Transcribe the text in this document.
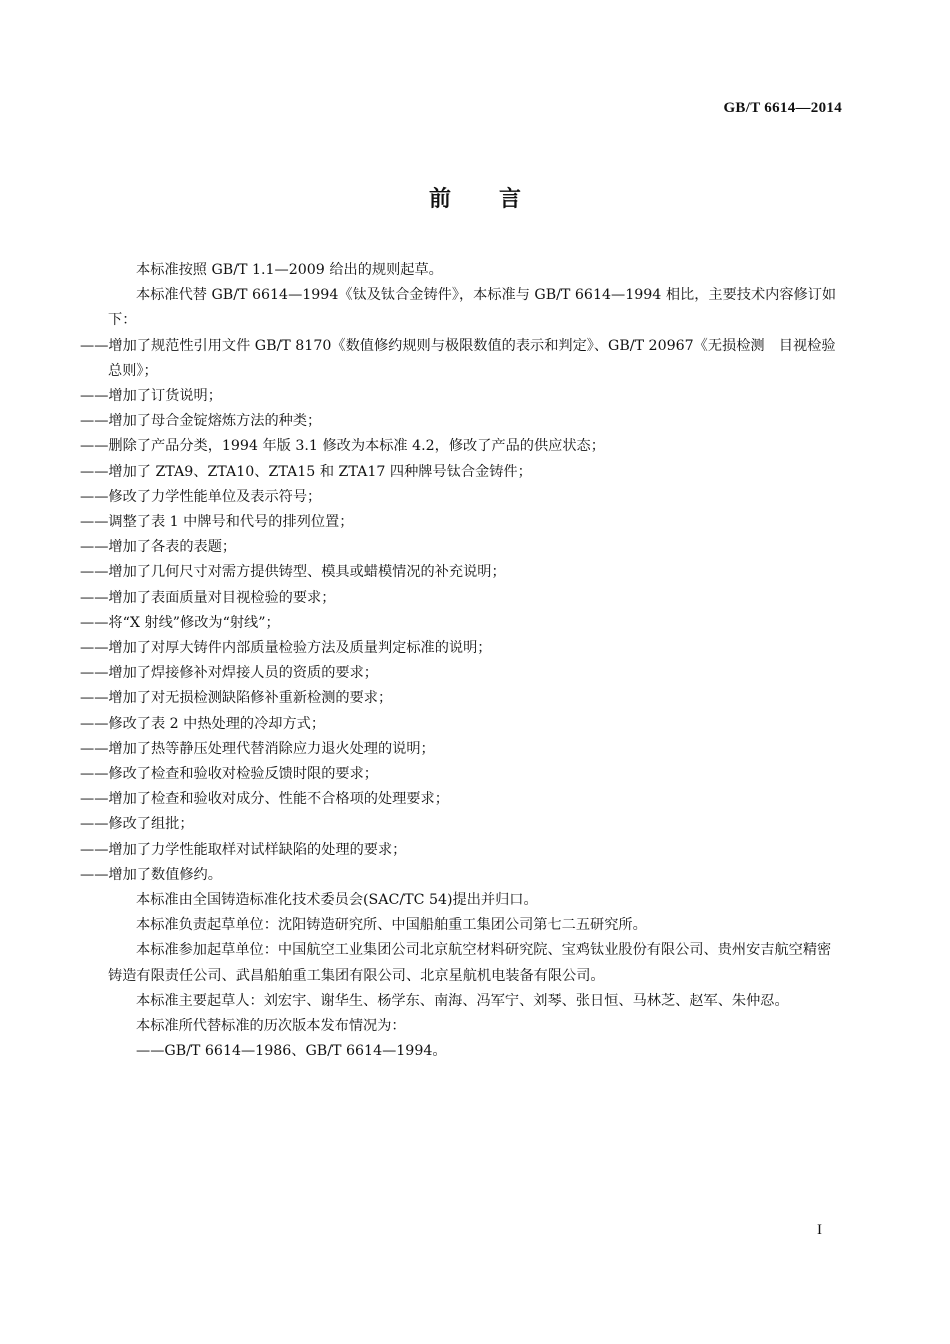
GB/T 6614—2014
前言

本标准按照 GB/T 1.1—2009 给出的规则起草。

本标准代替 GB/T 6614—1994《钛及钛合金铸件》，本标准与 GB/T 6614—1994 相比，主要技术内容修订如下：

——增加了规范性引用文件 GB/T 8170《数值修约规则与极限数值的表示和判定》、GB/T 20967《无损检测　目视检验　总则》；

——增加了订货说明；

——增加了母合金锭熔炼方法的种类；

——删除了产品分类，1994 年版 3.1 修改为本标准 4.2，修改了产品的供应状态；

——增加了 ZTA9、ZTA10、ZTA15 和 ZTA17 四种牌号钛合金铸件；

——修改了力学性能单位及表示符号；

——调整了表 1 中牌号和代号的排列位置；

——增加了各表的表题；

——增加了几何尺寸对需方提供铸型、模具或蜡模情况的补充说明；

——增加了表面质量对目视检验的要求；

——将“X 射线”修改为“射线”；

——增加了对厚大铸件内部质量检验方法及质量判定标准的说明；

——增加了焊接修补对焊接人员的资质的要求；

——增加了对无损检测缺陷修补重新检测的要求；

——修改了表 2 中热处理的冷却方式；

——增加了热等静压处理代替消除应力退火处理的说明；

——修改了检查和验收对检验反馈时限的要求；

——增加了检查和验收对成分、性能不合格项的处理要求；

——修改了组批；

——增加了力学性能取样对试样缺陷的处理的要求；

——增加了数值修约。

本标准由全国铸造标准化技术委员会(SAC/TC 54)提出并归口。

本标准负责起草单位：沈阳铸造研究所、中国船舶重工集团公司第七二五研究所。

本标准参加起草单位：中国航空工业集团公司北京航空材料研究院、宝鸡钛业股份有限公司、贵州安吉航空精密铸造有限责任公司、武昌船舶重工集团有限公司、北京星航机电装备有限公司。

本标准主要起草人：刘宏宇、谢华生、杨学东、南海、冯军宁、刘琴、张日恒、马林芝、赵军、朱仲忍。

本标准所代替标准的历次版本发布情况为：

——GB/T 6614—1986、GB/T 6614—1994。

I
